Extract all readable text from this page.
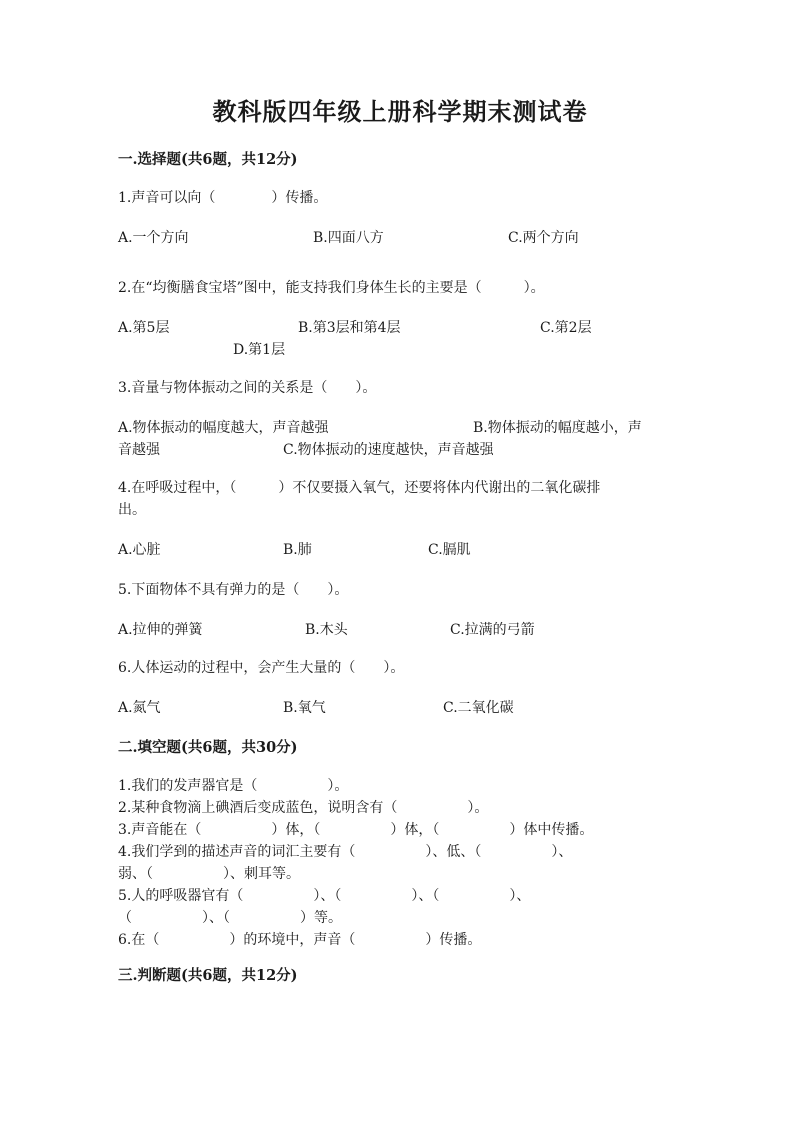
教科版四年级上册科学期末测试卷
一.选择题(共6题，共12分)
1.声音可以向（　　　　）传播。
A.一个方向	B.四面八方	C.两个方向
2.在“均衡膳食宝塔”图中，能支持我们身体生长的主要是（　　　）。
A.第5层	B.第3层和第4层	C.第2层
D.第1层
3.音量与物体振动之间的关系是（　　）。
A.物体振动的幅度越大，声音越强	B.物体振动的幅度越小，声
音越强	C.物体振动的速度越快，声音越强
4.在呼吸过程中，（　　　）不仅要摄入氧气，还要将体内代谢出的二氧化碳排
出。
A.心脏	B.肺	C.膈肌
5.下面物体不具有弹力的是（　　）。
A.拉伸的弹簧	B.木头	C.拉满的弓箭
6.人体运动的过程中，会产生大量的（　　）。
A.氮气	B.氧气	C.二氧化碳
二.填空题(共6题，共30分)
1.我们的发声器官是（　　　　　）。
2.某种食物滴上碘酒后变成蓝色，说明含有（　　　　　）。
3.声音能在（　　　　　）体，（　　　　　）体，（　　　　　）体中传播。
4.我们学到的描述声音的词汇主要有（　　　　　）、低、（　　　　　）、
弱、（　　　　　）、刺耳等。
5.人的呼吸器官有（　　　　　）、（　　　　　）、（　　　　　）、
（　　　　　）、（　　　　　）等。
6.在（　　　　　）的环境中，声音（　　　　　）传播。
三.判断题(共6题，共12分)
